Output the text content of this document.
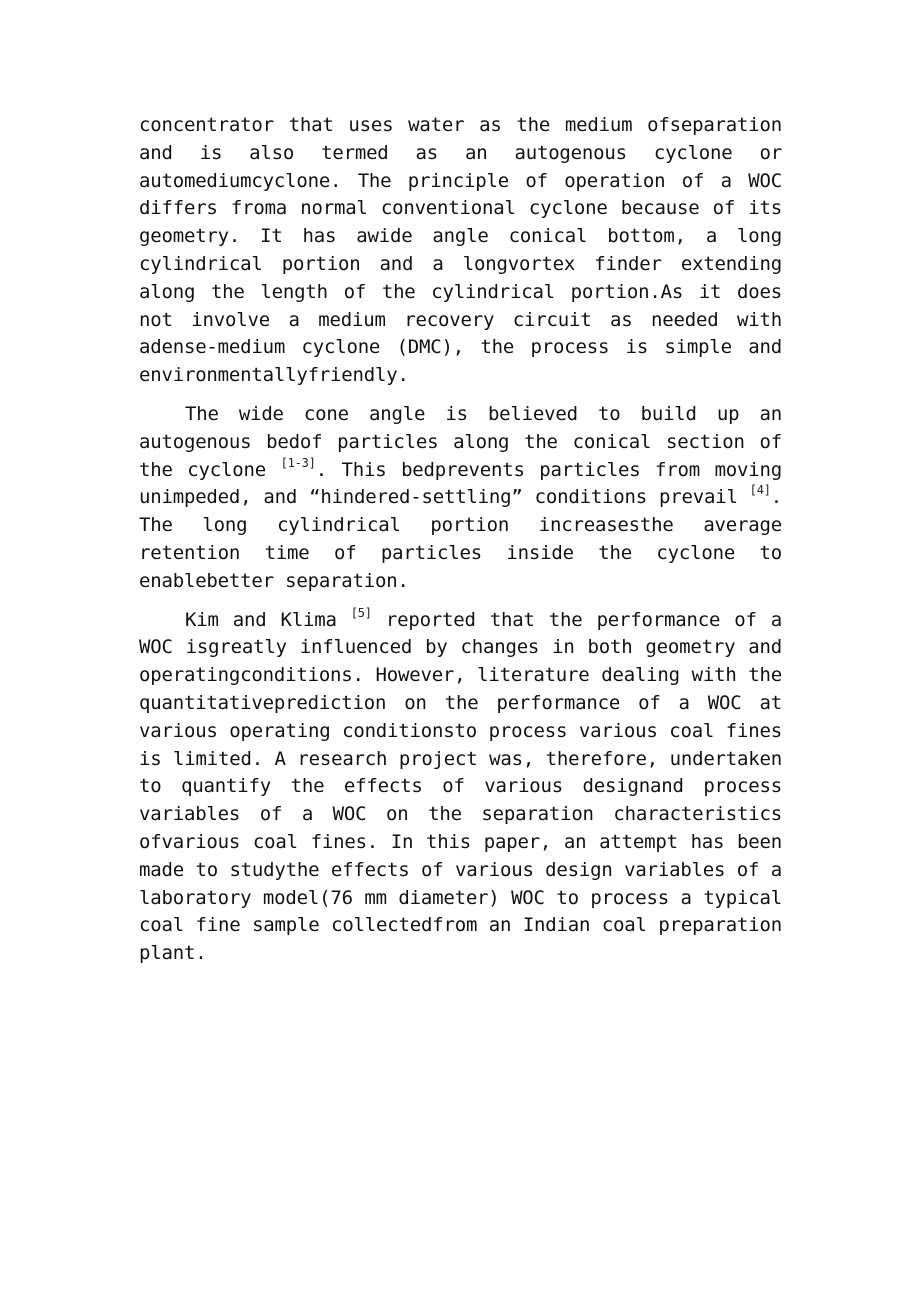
concentrator that uses water as the medium ofseparation and is also termed as an autogenous cyclone or automediumcyclone. The principle of operation of a WOC differs froma normal conventional cyclone because of its geometry. It has awide angle conical bottom, a long cylindrical portion and a longvortex finder extending along the length of the cylindrical portion.As it does not involve a medium recovery circuit as needed with adense-medium cyclone (DMC), the process is simple and environmentallyfriendly.

The wide cone angle is believed to build up an autogenous bedof particles along the conical section of the cyclone [1-3]. This bedprevents particles from moving unimpeded, and “hindered-settling” conditions prevail [4]. The long cylindrical portion increasesthe average retention time of particles inside the cyclone to enablebetter separation.

Kim and Klima [5] reported that the performance of a WOC isgreatly influenced by changes in both geometry and operatingconditions. However, literature dealing with the quantitativeprediction on the performance of a WOC at various operating conditionsto process various coal fines is limited. A research project was, therefore, undertaken to quantify the effects of various designand process variables of a WOC on the separation characteristics ofvarious coal fines. In this paper, an attempt has been made to studythe effects of various design variables of a laboratory model(76 mm diameter) WOC to process a typical coal fine sample collectedfrom an Indian coal preparation plant.
